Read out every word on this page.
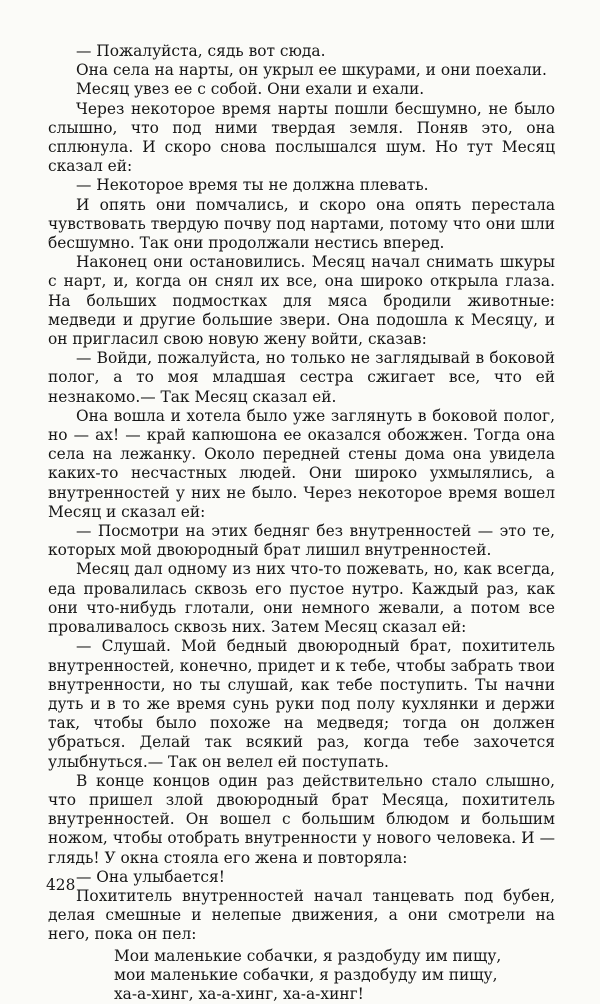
— Пожалуйста, сядь вот сюда.

Она села на нарты, он укрыл ее шкурами, и они поехали.

Месяц увез ее с собой. Они ехали и ехали.

Через некоторое время нарты пошли бесшумно, не было слышно, что под ними твердая земля. Поняв это, она сплюнула. И скоро снова послышался шум. Но тут Месяц сказал ей:

— Некоторое время ты не должна плевать.

И опять они помчались, и скоро она опять перестала чувствовать твердую почву под нартами, потому что они шли бесшумно. Так они продолжали нестись вперед.

Наконец они остановились. Месяц начал снимать шкуры с нарт, и, когда он снял их все, она широко открыла глаза. На больших подмостках для мяса бродили животные: медведи и другие большие звери. Она подошла к Месяцу, и он пригласил свою новую жену войти, сказав:

— Войди, пожалуйста, но только не заглядывай в боковой полог, а то моя младшая сестра сжигает все, что ей незнакомо.— Так Месяц сказал ей.

Она вошла и хотела было уже заглянуть в боковой полог, но — ах! — край капюшона ее оказался обожжен. Тогда она села на лежанку. Около передней стены дома она увидела каких-то несчастных людей. Они широко ухмылялись, а внутренностей у них не было. Через некоторое время вошел Месяц и сказал ей:

— Посмотри на этих бедняг без внутренностей — это те, которых мой двоюродный брат лишил внутренностей.

Месяц дал одному из них что-то пожевать, но, как всегда, еда провалилась сквозь его пустое нутро. Каждый раз, как они что-нибудь глотали, они немного жевали, а потом все проваливалось сквозь них. Затем Месяц сказал ей:

— Слушай. Мой бедный двоюродный брат, похититель внутренностей, конечно, придет и к тебе, чтобы забрать твои внутренности, но ты слушай, как тебе поступить. Ты начни дуть и в то же время сунь руки под полу кухлянки и держи так, чтобы было похоже на медведя; тогда он должен убраться. Делай так всякий раз, когда тебе захочется улыбнуться.— Так он велел ей поступать.

В конце концов один раз действительно стало слышно, что пришел злой двоюродный брат Месяца, похититель внутренностей. Он вошел с большим блюдом и большим ножом, чтобы отобрать внутренности у нового человека. И — глядь! У окна стояла его жена и повторяла:

— Она улыбается!

Похититель внутренностей начал танцевать под бубен, делая смешные и нелепые движения, а они смотрели на него, пока он пел:

Мои маленькие собачки, я раздобуду им пищу,
мои маленькие собачки, я раздобуду им пищу,
ха-а-хинг, ха-а-хинг, ха-а-хинг!
428
